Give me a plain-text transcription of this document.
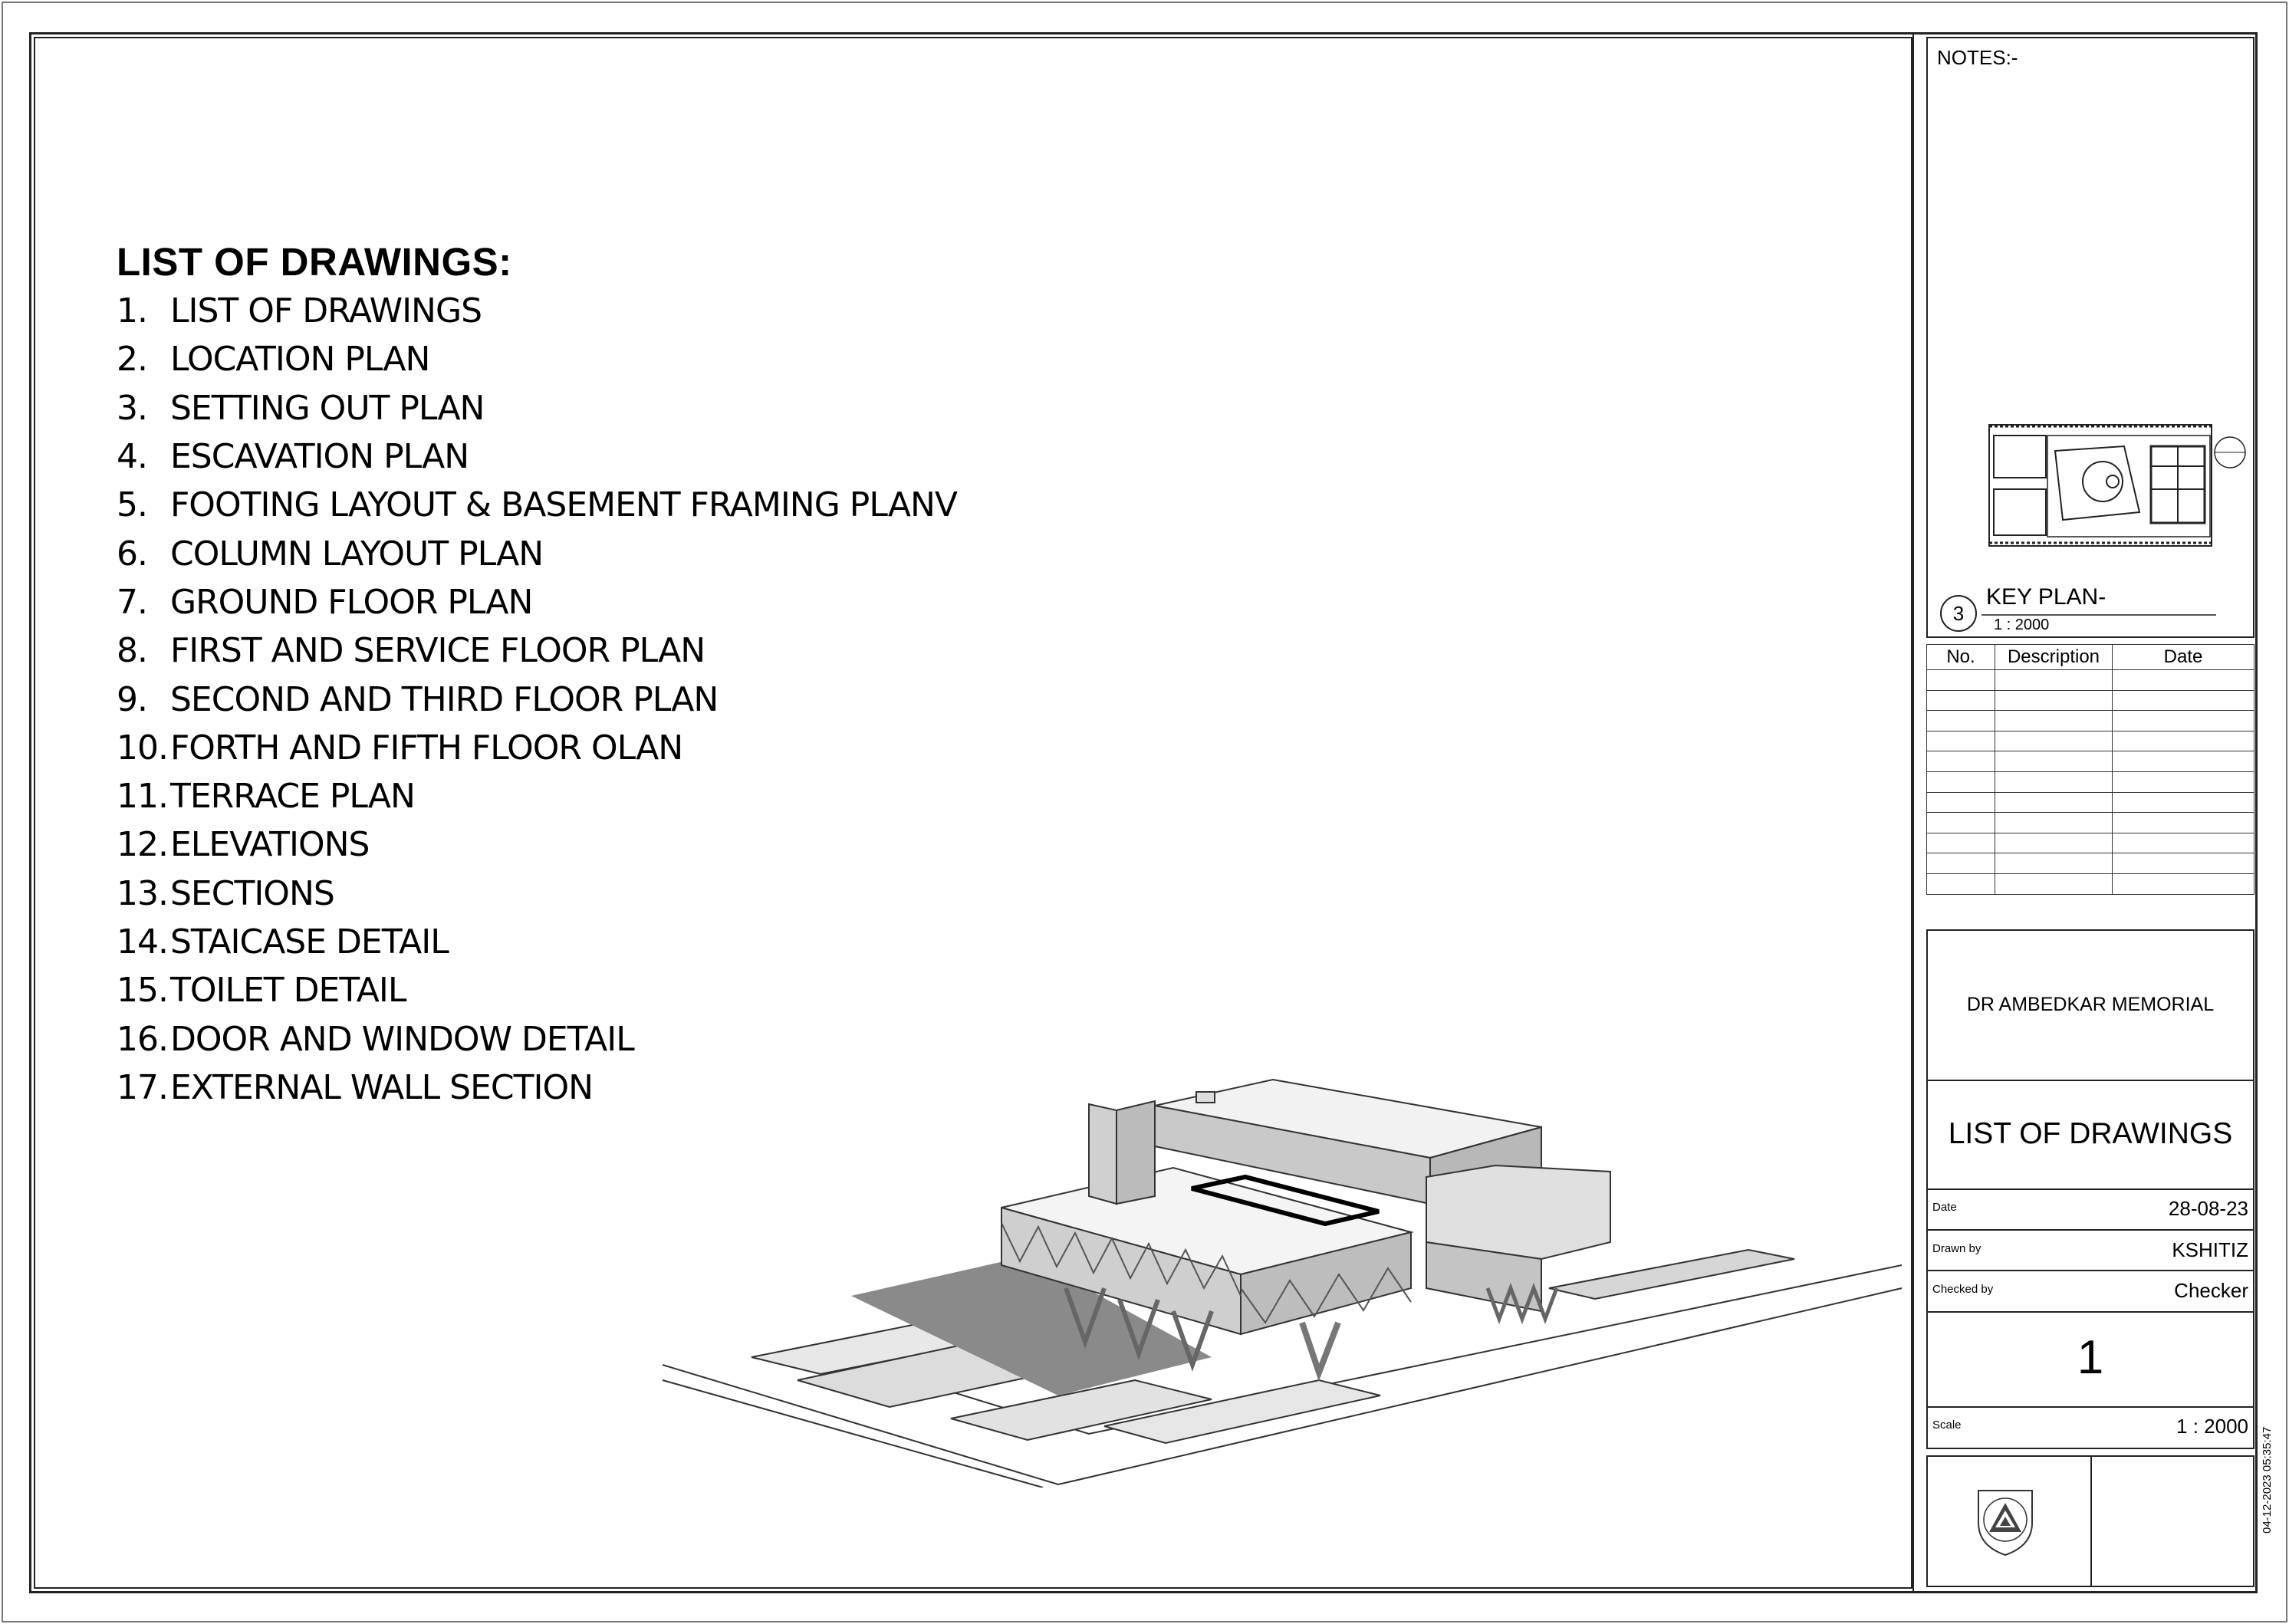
LIST OF DRAWINGS:
1. LIST OF DRAWINGS
2. LOCATION PLAN
3. SETTING OUT PLAN
4. ESCAVATION PLAN
5. FOOTING LAYOUT & BASEMENT FRAMING PLANV
6. COLUMN LAYOUT PLAN
7. GROUND FLOOR PLAN
8. FIRST AND SERVICE FLOOR PLAN
9. SECOND AND THIRD FLOOR PLAN
10. FORTH AND FIFTH FLOOR OLAN
11. TERRACE PLAN
12. ELEVATIONS
13. SECTIONS
14. STAICASE DETAIL
15. TOILET DETAIL
16. DOOR AND WINDOW DETAIL
17. EXTERNAL WALL SECTION
NOTES:-
3
KEY PLAN-
1 : 2000
No.	Description	Date

DR AMBEDKAR MEMORIAL
LIST OF DRAWINGS
Date	28-08-23
Drawn by	KSHITIZ
Checked by	Checker
1
Scale	1 : 2000
04-12-2023 05:35:47
